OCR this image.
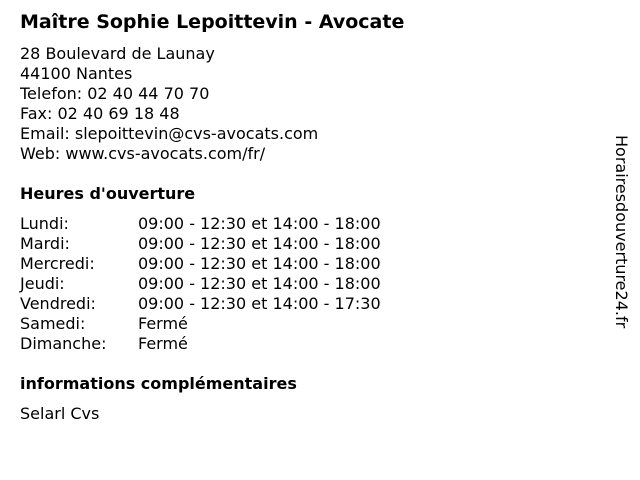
Maître Sophie Lepoittevin - Avocate
28 Boulevard de Launay
44100 Nantes
Telefon: 02 40 44 70 70
Fax: 02 40 69 18 48
Email: slepoittevin@cvs-avocats.com
Web: www.cvs-avocats.com/fr/
Heures d'ouverture
Lundi:	09:00 - 12:30 et 14:00 - 18:00
Mardi:	09:00 - 12:30 et 14:00 - 18:00
Mercredi:	09:00 - 12:30 et 14:00 - 18:00
Jeudi:	09:00 - 12:30 et 14:00 - 18:00
Vendredi:	09:00 - 12:30 et 14:00 - 17:30
Samedi:	Fermé
Dimanche: Fermé
informations complémentaires
Selarl Cvs
Horairesdouverture24.fr
